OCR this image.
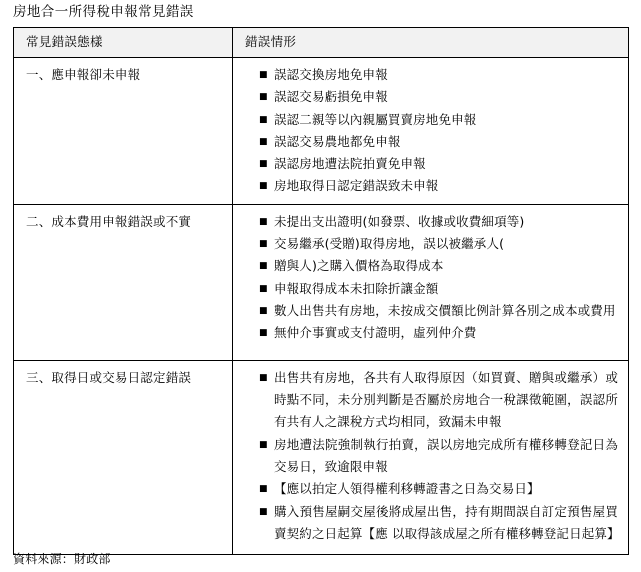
房地合一所得稅申報常見錯誤
常見錯誤態樣	錯誤情形

一、應申報卻未申報	■ 誤認交換房地免申報
■ 誤認交易虧損免申報
■ 誤認二親等以內親屬買賣房地免申報
■ 誤認交易農地都免申報
■ 誤認房地遭法院拍賣免申報
■ 房地取得日認定錯誤致未申報

二、成本費用申報錯誤或不實	■ 未提出支出證明(如發票、收據或收費細項等)
■ 交易繼承(受贈)取得房地，誤以被繼承人(
■ 贈與人)之購入價格為取得成本
■ 申報取得成本未扣除折讓金額
■ 數人出售共有房地，未按成交價額比例計算各別之成本或費用
■ 無仲介事實或支付證明，虛列仲介費

三、取得日或交易日認定錯誤	■ 出售共有房地，各共有人取得原因（如買賣、贈與或繼承）或時點不同，未分別判斷是否屬於房地合一稅課徵範圍，誤認所有共有人之課稅方式均相同，致漏未申報
■ 房地遭法院強制執行拍賣，誤以房地完成所有權移轉登記日為交易日，致逾限申報
■ 【應以拍定人領得權利移轉證書之日為交易日】
■ 購入預售屋嗣交屋後將成屋出售，持有期間誤自訂定預售屋買賣契約之日起算【應 以取得該成屋之所有權移轉登記日起算】
資料來源：財政部
